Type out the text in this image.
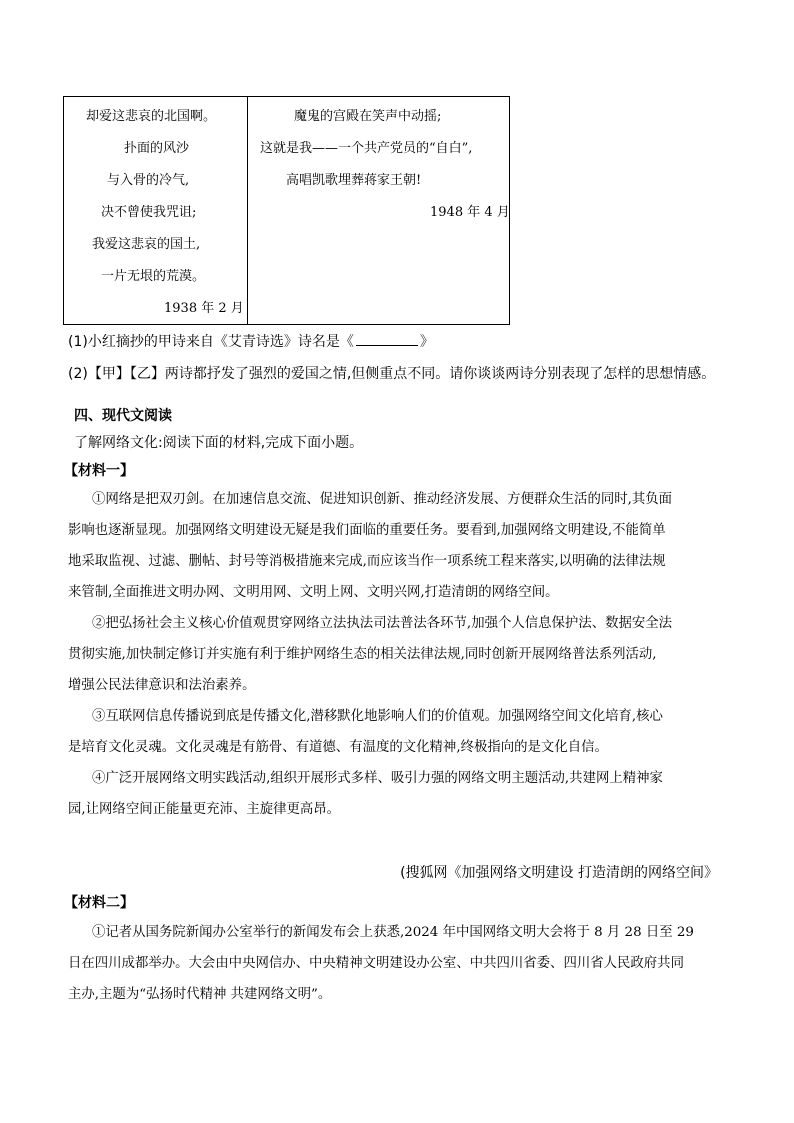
却爱这悲哀的北国啊。
扑面的风沙
与入骨的冷气,
决不曾使我咒诅;
我爱这悲哀的国土,
一片无垠的荒漠。
1938 年 2 月
魔鬼的宫殿在笑声中动摇;
这就是我——一个共产党员的“自白”,
高唱凯歌埋葬蒋家王朝!
1948 年 4 月
(1)小红摘抄的甲诗来自《艾青诗选》诗名是《	》
(2)【甲】【乙】两诗都抒发了强烈的爱国之情,但侧重点不同。请你谈谈两诗分别表现了怎样的思想情感。
四、现代文阅读
了解网络文化:阅读下面的材料,完成下面小题。
【材料一】
①网络是把双刃剑。在加速信息交流、促进知识创新、推动经济发展、方便群众生活的同时,其负面
影响也逐渐显现。加强网络文明建设无疑是我们面临的重要任务。要看到,加强网络文明建设,不能简单
地采取监视、过滤、删帖、封号等消极措施来完成,而应该当作一项系统工程来落实,以明确的法律法规
来管制,全面推进文明办网、文明用网、文明上网、文明兴网,打造清朗的网络空间。
②把弘扬社会主义核心价值观贯穿网络立法执法司法普法各环节,加强个人信息保护法、数据安全法
贯彻实施,加快制定修订并实施有利于维护网络生态的相关法律法规,同时创新开展网络普法系列活动,
增强公民法律意识和法治素养。
③互联网信息传播说到底是传播文化,潜移默化地影响人们的价值观。加强网络空间文化培育,核心
是培育文化灵魂。文化灵魂是有筋骨、有道德、有温度的文化精神,终极指向的是文化自信。
④广泛开展网络文明实践活动,组织开展形式多样、吸引力强的网络文明主题活动,共建网上精神家
园,让网络空间正能量更充沛、主旋律更高昂。
(搜狐网《加强网络文明建设 打造清朗的网络空间》
【材料二】
①记者从国务院新闻办公室举行的新闻发布会上获悉,2024 年中国网络文明大会将于 8 月 28 日至 29
日在四川成都举办。大会由中央网信办、中央精神文明建设办公室、中共四川省委、四川省人民政府共同
主办,主题为“弘扬时代精神 共建网络文明”。
